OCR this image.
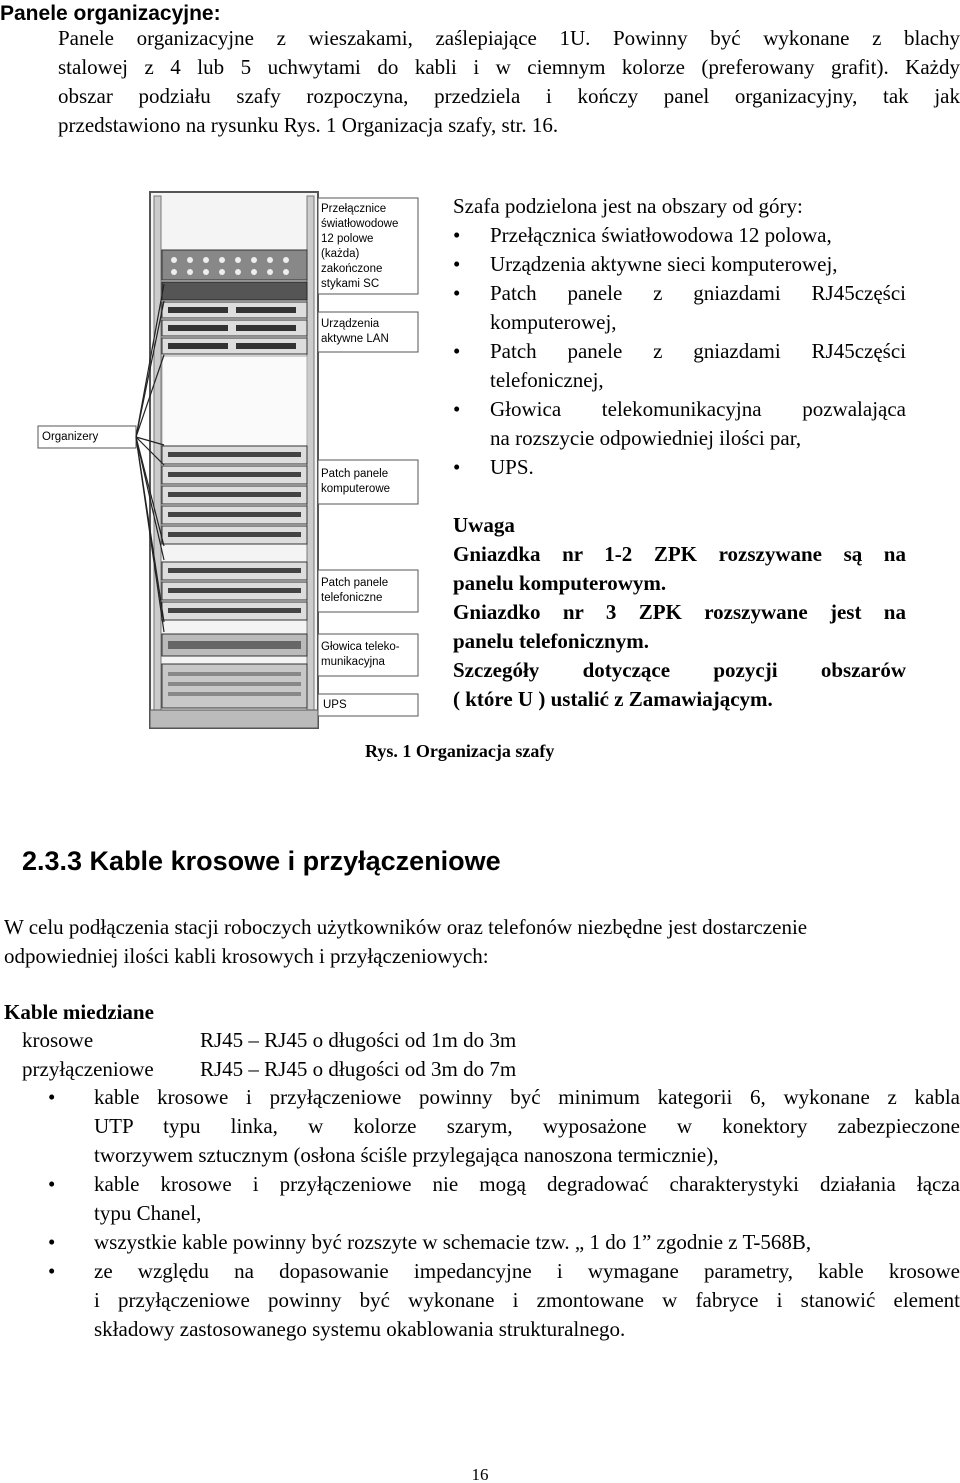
Panele organizacyjne:
Panele organizacyjne z wieszakami, zaślepiające 1U. Powinny być wykonane z blachy
stalowej z 4 lub 5 uchwytami do kabli i w ciemnym kolorze (preferowany grafit). Każdy
obszar podziału szafy rozpoczyna, przedziela i kończy panel organizacyjny, tak jak
przedstawiono na rysunku Rys. 1 Organizacja szafy, str. 16.
Przełącznice
światłowodowe
12 polowe
(każda)
zakończone
stykami SC
Urządzenia
aktywne LAN
Patch panele
komputerowe
Patch panele
telefoniczne
Głowica teleko-
munikacyjna
UPS
Organizery

Szafa podzielona jest na obszary od góry:

• Przełącznica światłowodowa 12 polowa,
• Urządzenia aktywne sieci komputerowej,
• Patch panele z gniazdami RJ45części
komputerowej,
• Patch panele z gniazdami RJ45części
telefonicznej,
• Głowica telekomunikacyjna pozwalająca
na rozszycie odpowiedniej ilości par,
• UPS.
Uwaga
Gniazdka nr 1-2 ZPK rozszywane są na
panelu komputerowym.
Gniazdko nr 3 ZPK rozszywane jest na
panelu telefonicznym.
Szczegóły dotyczące pozycji obszarów
( które U ) ustalić z Zamawiającym.
Rys. 1 Organizacja szafy
2.3.3 Kable krosowe i przyłączeniowe
W celu podłączenia stacji roboczych użytkowników oraz telefonów niezbędne jest dostarczenie
odpowiedniej ilości kabli krosowych i przyłączeniowych:
Kable miedziane
krosowe	RJ45 – RJ45 o długości od 1m do 3m
przyłączeniowe RJ45 – RJ45 o długości od 3m do 7m
• kable krosowe i przyłączeniowe powinny być minimum kategorii 6, wykonane z kabla
UTP typu linka, w kolorze szarym, wyposażone w konektory zabezpieczone
tworzywem sztucznym (osłona ściśle przylegająca nanoszona termicznie),
• kable krosowe i przyłączeniowe nie mogą degradować charakterystyki działania łącza
typu Chanel,
• wszystkie kable powinny być rozszyte w schemacie tzw. „ 1 do 1” zgodnie z T-568B,
• ze względu na dopasowanie impedancyjne i wymagane parametry, kable krosowe
i przyłączeniowe powinny być wykonane i zmontowane w fabryce i stanowić element
składowy zastosowanego systemu okablowania strukturalnego.
16
